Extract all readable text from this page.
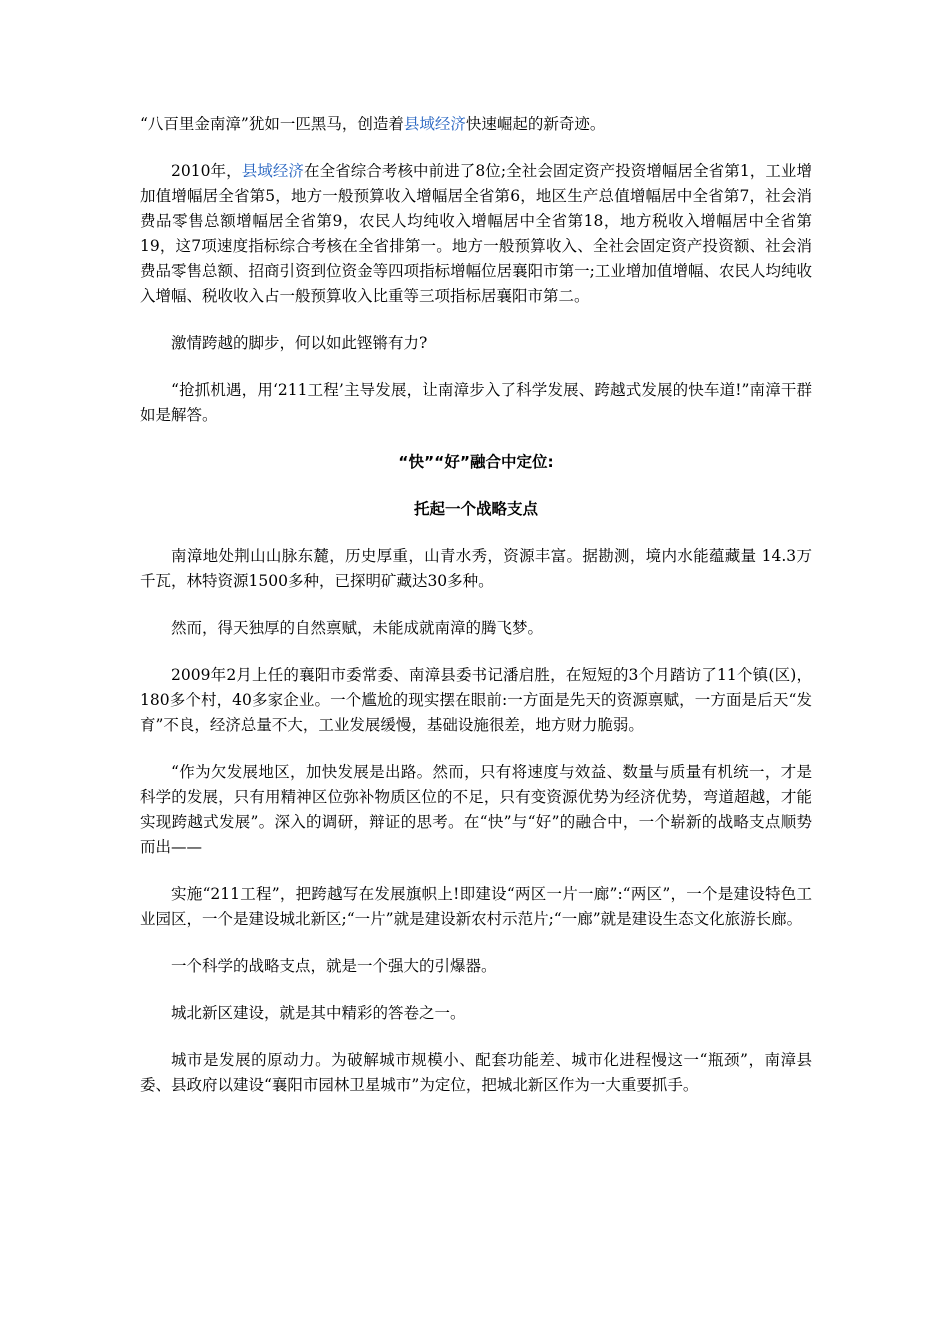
“八百里金南漳”犹如一匹黑马，创造着县域经济快速崛起的新奇迹。

2010年，县域经济在全省综合考核中前进了8位;全社会固定资产投资增幅居全省第1，工业增加值增幅居全省第5，地方一般预算收入增幅居全省第6，地区生产总值增幅居中全省第7，社会消费品零售总额增幅居全省第9，农民人均纯收入增幅居中全省第18，地方税收入增幅居中全省第19，这7项速度指标综合考核在全省排第一。地方一般预算收入、全社会固定资产投资额、社会消费品零售总额、招商引资到位资金等四项指标增幅位居襄阳市第一;工业增加值增幅、农民人均纯收入增幅、税收收入占一般预算收入比重等三项指标居襄阳市第二。

激情跨越的脚步，何以如此铿锵有力?

“抢抓机遇，用‘211工程’主导发展，让南漳步入了科学发展、跨越式发展的快车道!”南漳干群如是解答。

“快”“好”融合中定位:

托起一个战略支点

南漳地处荆山山脉东麓，历史厚重，山青水秀，资源丰富。据勘测，境内水能蕴藏量 14.3万千瓦，林特资源1500多种，已探明矿藏达30多种。

然而，得天独厚的自然禀赋，未能成就南漳的腾飞梦。

2009年2月上任的襄阳市委常委、南漳县委书记潘启胜，在短短的3个月踏访了11个镇(区)，180多个村，40多家企业。一个尴尬的现实摆在眼前:一方面是先天的资源禀赋，一方面是后天“发育”不良，经济总量不大，工业发展缓慢，基础设施很差，地方财力脆弱。

“作为欠发展地区，加快发展是出路。然而，只有将速度与效益、数量与质量有机统一，才是科学的发展，只有用精神区位弥补物质区位的不足，只有变资源优势为经济优势，弯道超越，才能实现跨越式发展”。深入的调研，辩证的思考。在“快”与“好”的融合中，一个崭新的战略支点顺势而出——

实施“211工程”，把跨越写在发展旗帜上!即建设“两区一片一廊”:“两区”，一个是建设特色工业园区，一个是建设城北新区;“一片”就是建设新农村示范片;“一廊”就是建设生态文化旅游长廊。

一个科学的战略支点，就是一个强大的引爆器。

城北新区建设，就是其中精彩的答卷之一。

城市是发展的原动力。为破解城市规模小、配套功能差、城市化进程慢这一“瓶颈”，南漳县委、县政府以建设“襄阳市园林卫星城市”为定位，把城北新区作为一大重要抓手。
